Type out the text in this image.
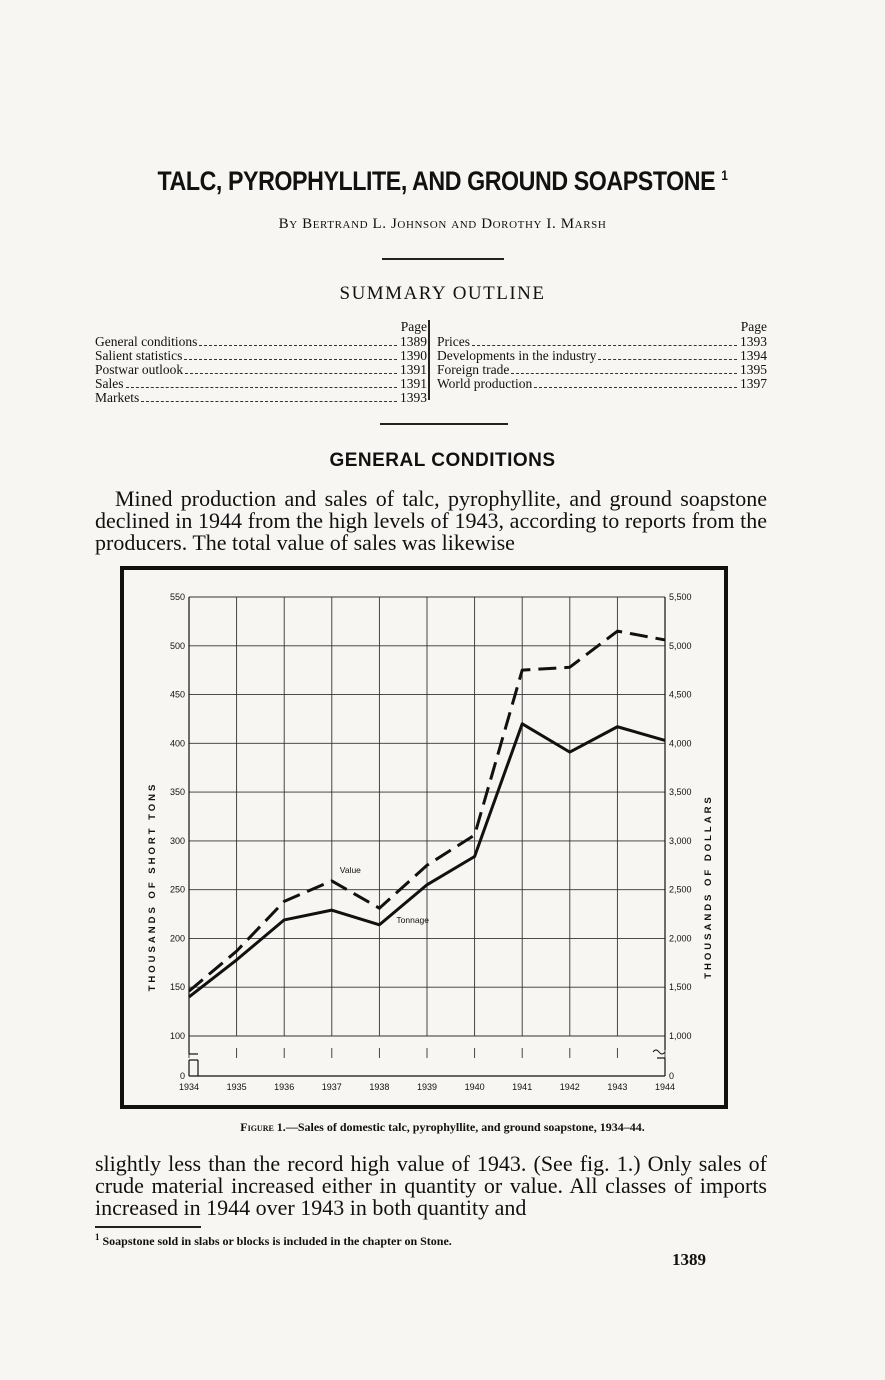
TALC, PYROPHYLLITE, AND GROUND SOAPSTONE $^1$
By Bertrand L. Johnson and Dorothy I. Marsh
SUMMARY OUTLINE
Page
General conditions	1389
Salient statistics	1390
Postwar outlook	1391
Sales	1391
Markets	1393
Page
Prices	1393
Developments in the industry	1394
Foreign trade	1395
World production	1397
GENERAL CONDITIONS
Mined production and sales of talc, pyrophyllite, and ground soapstone declined in 1944 from the high levels of 1943, according to reports from the producers. The total value of sales was likewise
0
100
150
200
250
300
350
400
450
500
550
0
1,000
1,500
2,000
2,500
3,000
3,500
4,000
4,500
5,000
5,500
1934	1935	1936	1937	1938	1939	1940	1941	1942	1943	1944
THOUSANDS OF SHORT TONS	THOUSANDS OF DOLLARS
Value
Tonnage
Figure 1.—Sales of domestic talc, pyrophyllite, and ground soapstone, 1934–44.
slightly less than the record high value of 1943. (See fig. 1.) Only sales of crude material increased either in quantity or value. All classes of imports increased in 1944 over 1943 in both quantity and
$^1$ Soapstone sold in slabs or blocks is included in the chapter on Stone.
1389
